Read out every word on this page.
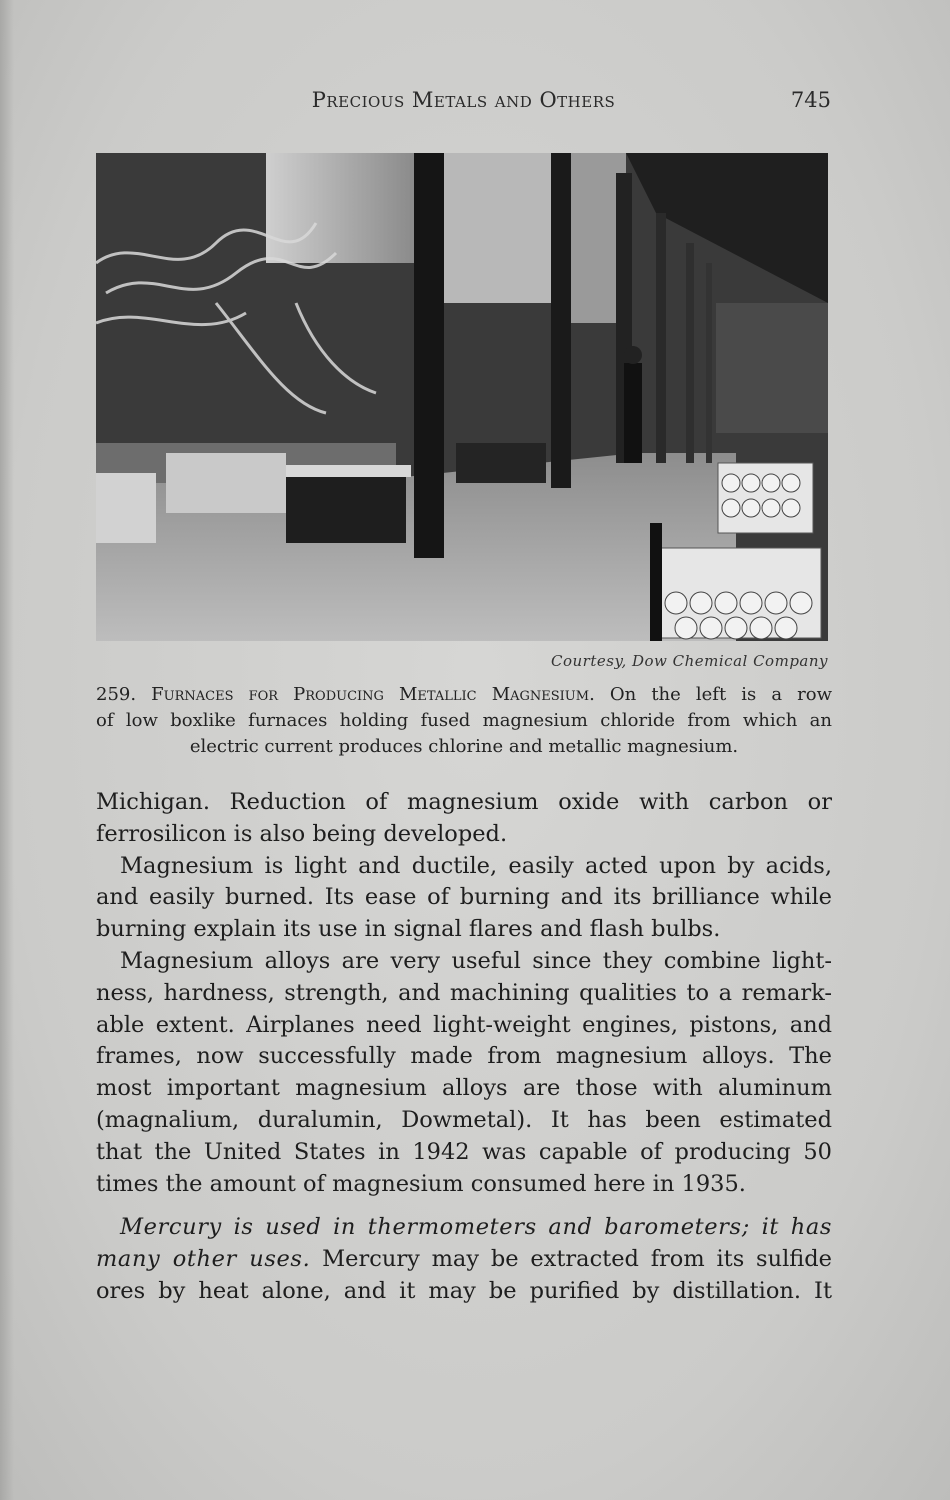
Precious Metals and Others	745
Courtesy, Dow Chemical Company
259. Furnaces for Producing Metallic Magnesium. On the left is a row
of low boxlike furnaces holding fused magnesium chloride from which an
electric current produces chlorine and metallic magnesium.
Michigan. Reduction of magnesium oxide with carbon or
ferrosilicon is also being developed.
Magnesium is light and ductile, easily acted upon by acids,
and easily burned. Its ease of burning and its brilliance while
burning explain its use in signal flares and flash bulbs.
Magnesium alloys are very useful since they combine light-
ness, hardness, strength, and machining qualities to a remark-
able extent. Airplanes need light-weight engines, pistons, and
frames, now successfully made from magnesium alloys. The
most important magnesium alloys are those with aluminum
(magnalium, duralumin, Dowmetal). It has been estimated
that the United States in 1942 was capable of producing 50
times the amount of magnesium consumed here in 1935.
Mercury is used in thermometers and barometers; it has
many other uses. Mercury may be extracted from its sulfide
ores by heat alone, and it may be purified by distillation. It
